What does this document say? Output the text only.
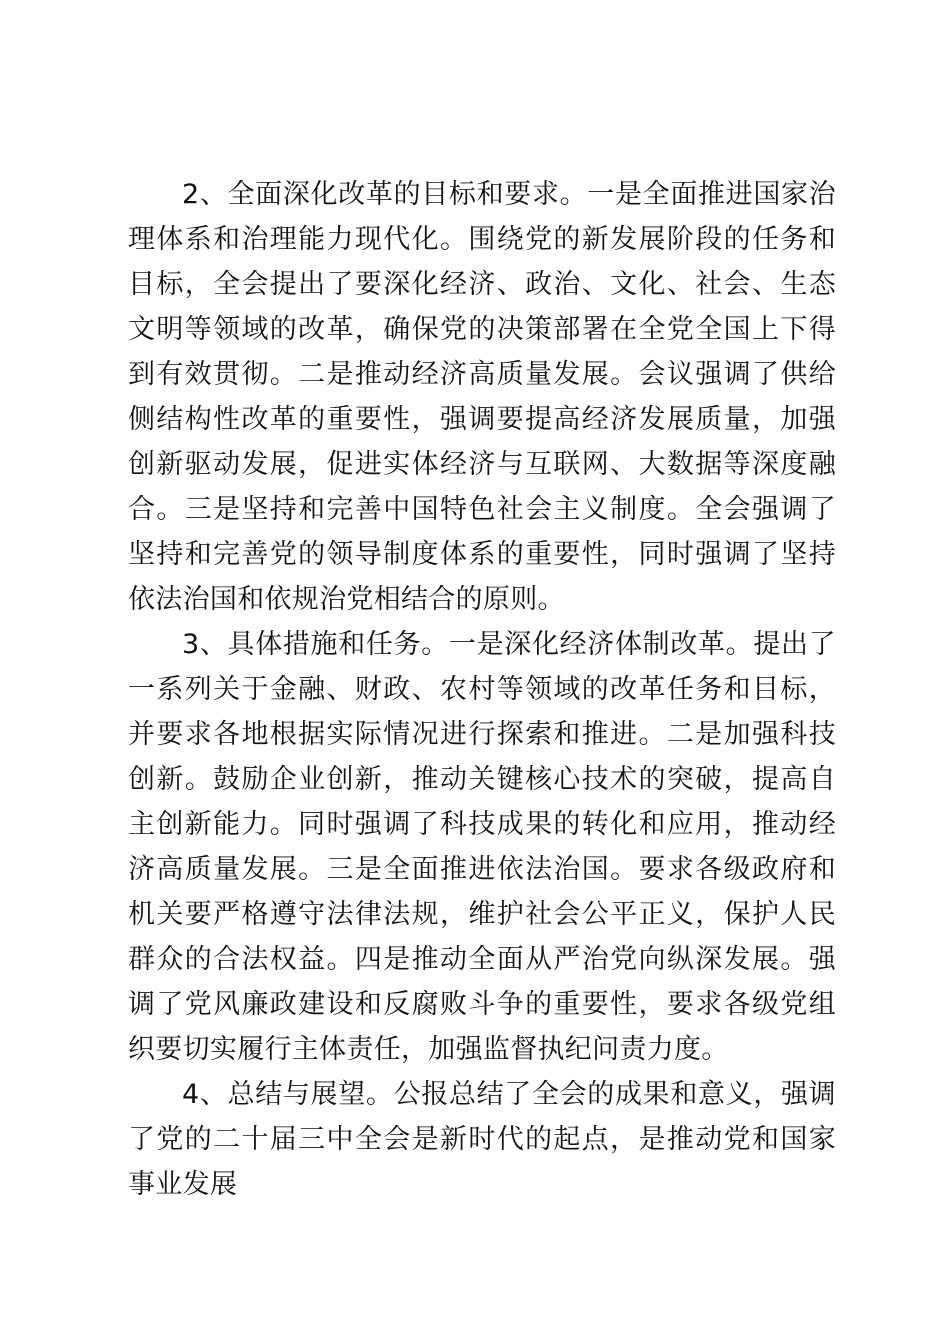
2、全面深化改革的目标和要求。一是全面推进国家治理体系和治理能力现代化。围绕党的新发展阶段的任务和目标，全会提出了要深化经济、政治、文化、社会、生态文明等领域的改革，确保党的决策部署在全党全国上下得到有效贯彻。二是推动经济高质量发展。会议强调了供给侧结构性改革的重要性，强调要提高经济发展质量，加强创新驱动发展，促进实体经济与互联网、大数据等深度融合。三是坚持和完善中国特色社会主义制度。全会强调了坚持和完善党的领导制度体系的重要性，同时强调了坚持依法治国和依规治党相结合的原则。

3、具体措施和任务。一是深化经济体制改革。提出了一系列关于金融、财政、农村等领域的改革任务和目标，并要求各地根据实际情况进行探索和推进。二是加强科技创新。鼓励企业创新，推动关键核心技术的突破，提高自主创新能力。同时强调了科技成果的转化和应用，推动经济高质量发展。三是全面推进依法治国。要求各级政府和机关要严格遵守法律法规，维护社会公平正义，保护人民群众的合法权益。四是推动全面从严治党向纵深发展。强调了党风廉政建设和反腐败斗争的重要性，要求各级党组织要切实履行主体责任，加强监督执纪问责力度。

4、总结与展望。公报总结了全会的成果和意义，强调了党的二十届三中全会是新时代的起点，是推动党和国家事业发展
